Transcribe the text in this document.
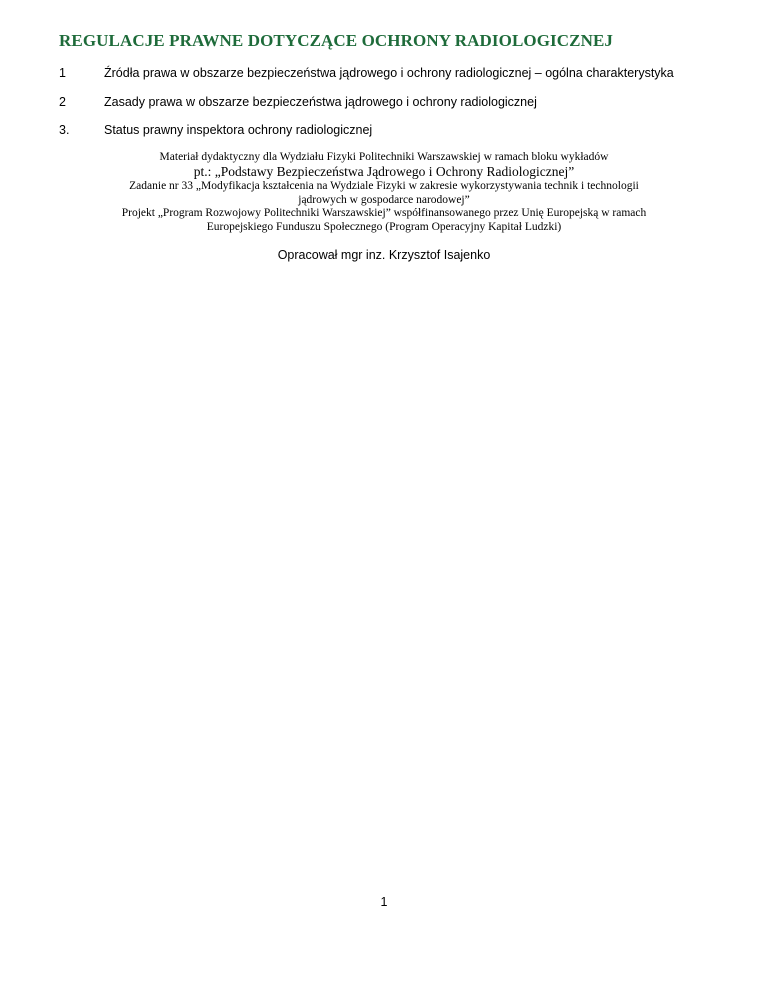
REGULACJE PRAWNE DOTYCZĄCE OCHRONY RADIOLOGICZNEJ
1	Źródła prawa w obszarze bezpieczeństwa jądrowego i ochrony radiologicznej – ogólna charakterystyka
2	Zasady prawa w obszarze bezpieczeństwa jądrowego i ochrony radiologicznej
3.	Status prawny inspektora ochrony radiologicznej
Materiał dydaktyczny dla Wydziału Fizyki Politechniki Warszawskiej w ramach bloku wykładów
pt.: „Podstawy Bezpieczeństwa Jądrowego i Ochrony Radiologicznej”
Zadanie nr 33 „Modyfikacja kształcenia na Wydziale Fizyki w zakresie wykorzystywania technik i technologii
jądrowych w gospodarce narodowej”
Projekt „Program Rozwojowy Politechniki Warszawskiej” współfinansowanego przez Unię Europejską w ramach
Europejskiego Funduszu Społecznego (Program Operacyjny Kapitał Ludzki)
Opracował mgr inz. Krzysztof Isajenko
1
